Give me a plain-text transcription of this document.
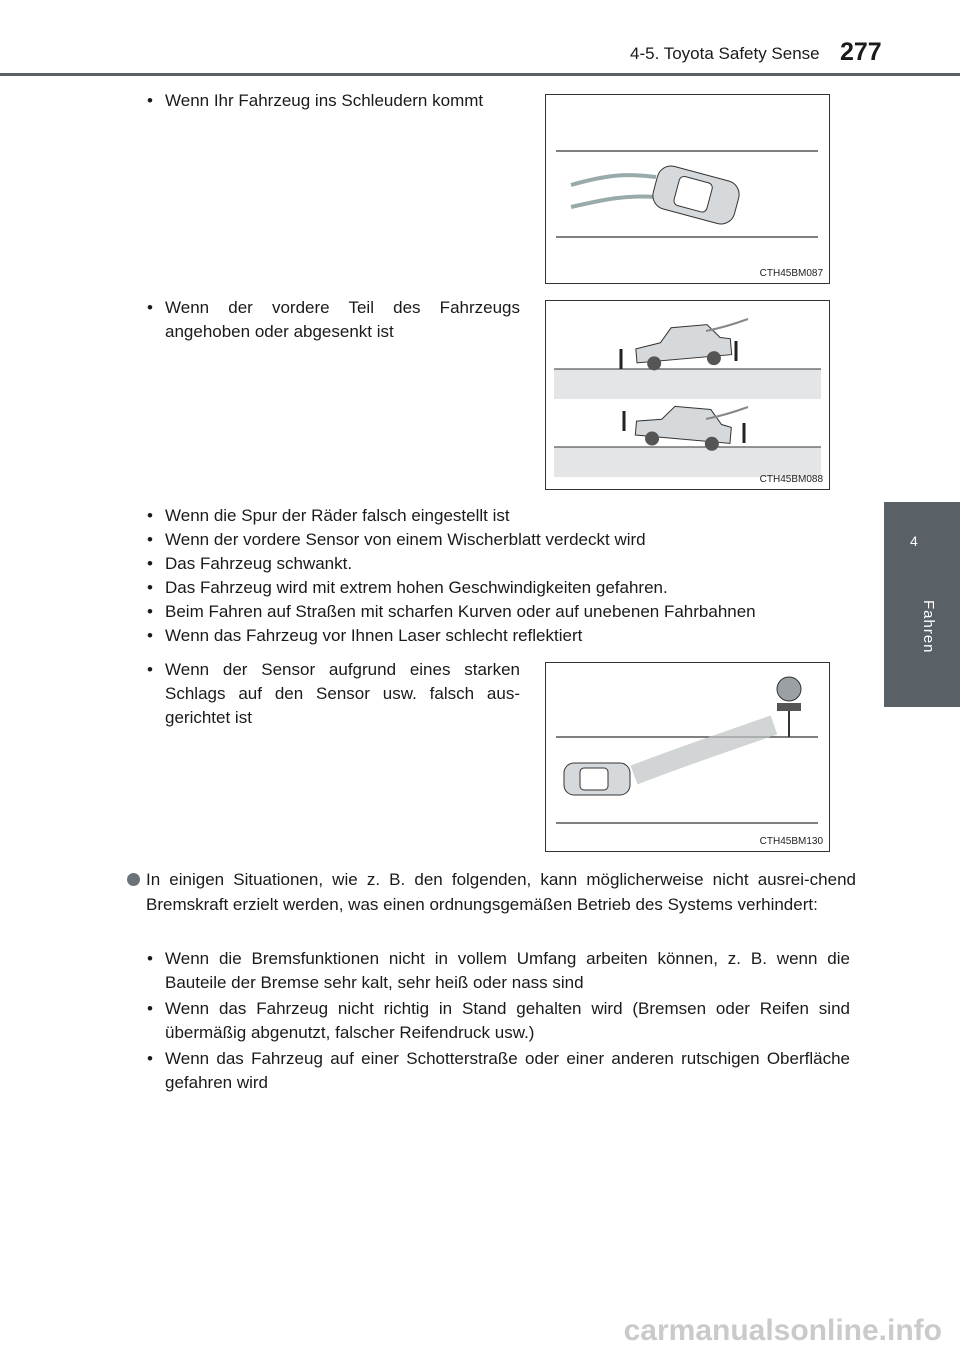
4-5. Toyota Safety Sense 277
4
Fahren
• Wenn Ihr Fahrzeug ins Schleudern kommt
CTH45BM087
• Wenn der vordere Teil des Fahrzeugs angehoben oder abgesenkt ist
CTH45BM088
• Wenn die Spur der Räder falsch eingestellt ist
• Wenn der vordere Sensor von einem Wischerblatt verdeckt wird
• Das Fahrzeug schwankt.
• Das Fahrzeug wird mit extrem hohen Geschwindigkeiten gefahren.
• Beim Fahren auf Straßen mit scharfen Kurven oder auf unebenen Fahrbahnen
• Wenn das Fahrzeug vor Ihnen Laser schlecht reflektiert
• Wenn der Sensor aufgrund eines starken Schlags auf den Sensor usw. falsch aus-gerichtet ist
CTH45BM130
In einigen Situationen, wie z. B. den folgenden, kann möglicherweise nicht ausrei-chend Bremskraft erzielt werden, was einen ordnungsgemäßen Betrieb des Systems verhindert:
• Wenn die Bremsfunktionen nicht in vollem Umfang arbeiten können, z. B. wenn die Bauteile der Bremse sehr kalt, sehr heiß oder nass sind
• Wenn das Fahrzeug nicht richtig in Stand gehalten wird (Bremsen oder Reifen sind übermäßig abgenutzt, falscher Reifendruck usw.)
• Wenn das Fahrzeug auf einer Schotterstraße oder einer anderen rutschigen Oberfläche gefahren wird
carmanualsonline.info
